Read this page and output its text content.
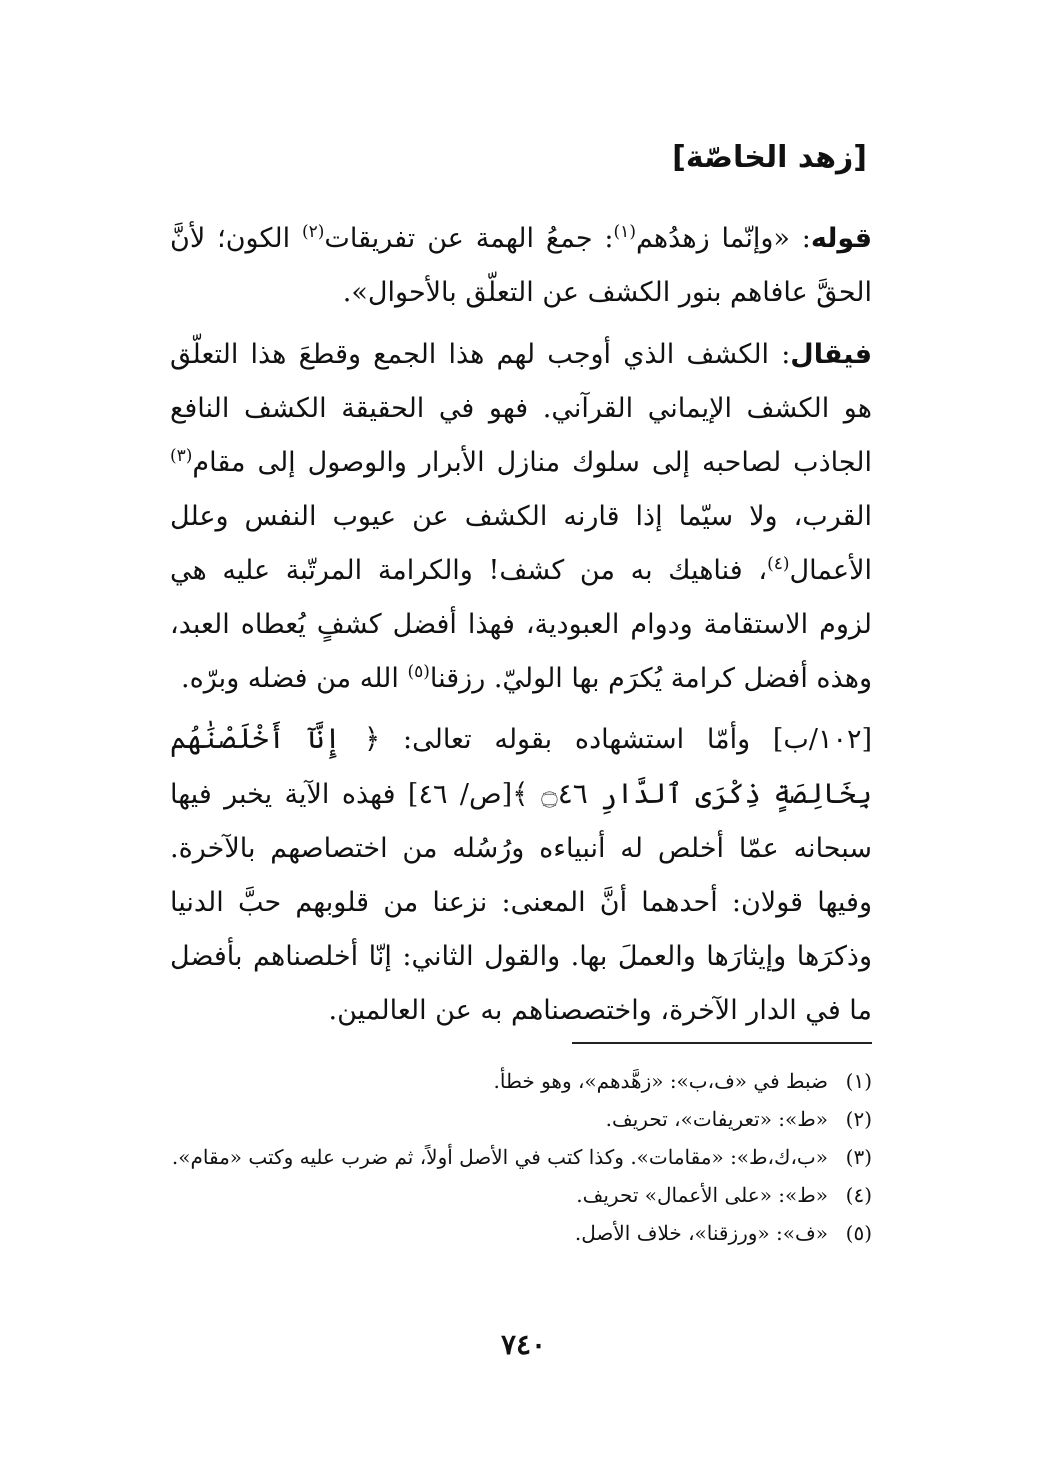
[زهد الخاصّة]
قوله: «وإنّما زهدُهم$^{(١)}$: جمعُ الهمة عن تفريقات$^{(٢)}$ الكون؛ لأنَّ الحقَّ عافاهم بنور الكشف عن التعلّق بالأحوال».
فيقال: الكشف الذي أوجب لهم هذا الجمع وقطعَ هذا التعلّق هو الكشف الإيماني القرآني. فهو في الحقيقة الكشف النافع الجاذب لصاحبه إلى سلوك منازل الأبرار والوصول إلى مقام$^{(٣)}$ القرب، ولا سيّما إذا قارنه الكشف عن عيوب النفس وعلل الأعمال$^{(٤)}$، فناهيك به من كشف! والكرامة المرتّبة عليه هي لزوم الاستقامة ودوام العبودية، فهذا أفضل كشفٍ يُعطاه العبد، وهذه أفضل كرامة يُكرَم بها الوليّ. رزقنا$^{(٥)}$ الله من فضله وبرّه.
[١٠٢/ب] وأمّا استشهاده بقوله تعالى: ﴿ إِنَّآ أَخْلَصْنَٰهُم بِخَالِصَةٍ ذِكْرَى ٱلدَّارِ ۝٤٦ ﴾[ص/ ٤٦] فهذه الآية يخبر فيها سبحانه عمّا أخلص له أنبياءه ورُسُله من اختصاصهم بالآخرة. وفيها قولان: أحدهما أنَّ المعنى: نزعنا من قلوبهم حبَّ الدنيا وذكرَها وإيثارَها والعملَ بها. والقول الثاني: إنّا أخلصناهم بأفضل ما في الدار الآخرة، واختصصناهم به عن العالمين.
(١)
ضبط في «ف،ب»: «زهَّدهم»، وهو خطأ.
(٢)
«ط»: «تعريفات»، تحريف.
(٣)
«ب،ك،ط»: «مقامات». وكذا كتب في الأصل أولاً، ثم ضرب عليه وكتب «مقام».
(٤)
«ط»: «على الأعمال» تحريف.
(٥)
«ف»: «ورزقنا»، خلاف الأصل.
٧٤٠
